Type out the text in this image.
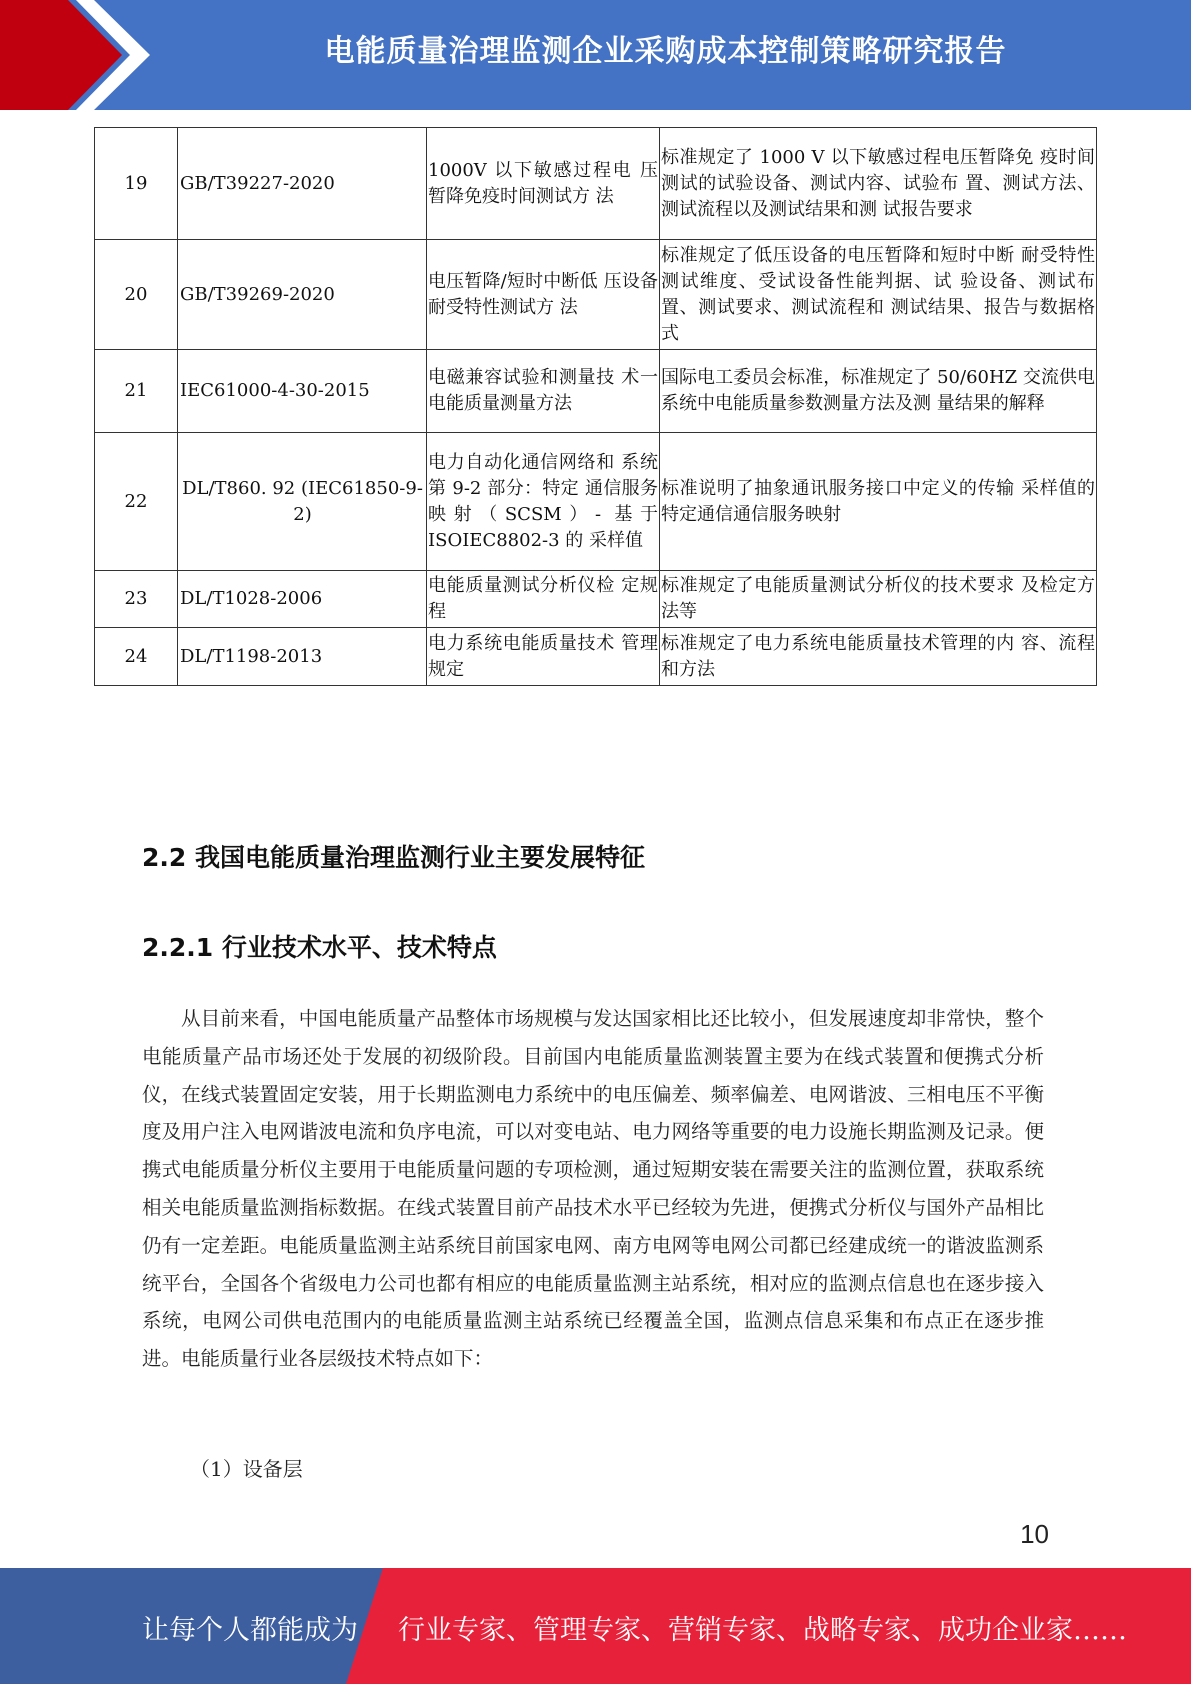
电能质量治理监测企业采购成本控制策略研究报告
19	GB/T39227-2020	1000V 以下敏感过程电 压暂降免疫时间测试方 法	标准规定了 1000 V 以下敏感过程电压暂降免 疫时间测试的试验设备、测试内容、试验布 置、测试方法、测试流程以及测试结果和测 试报告要求
20	GB/T39269-2020	电压暂降/短时中断低 压设备耐受特性测试方 法	标准规定了低压设备的电压暂降和短时中断 耐受特性测试维度、受试设备性能判据、试 验设备、测试布置、测试要求、测试流程和 测试结果、报告与数据格式
21	IEC61000-4-30-2015	电磁兼容试验和测量技 术一电能质量测量方法	国际电工委员会标准，标准规定了 50/60HZ 交流供电系统中电能质量参数测量方法及测 量结果的解释
22	DL/T860. 92 (IEC61850-9-2)	电力自动化通信网络和 系统第 9-2 部分：特定 通信服务映射（SCSM）- 基于 ISOIEC8802-3 的 采样值	标准说明了抽象通讯服务接口中定义的传输 采样值的特定通信通信服务映射
23	DL/T1028-2006	电能质量测试分析仪检 定规程	标准规定了电能质量测试分析仪的技术要求 及检定方法等
24	DL/T1198-2013	电力系统电能质量技术 管理规定	标准规定了电力系统电能质量技术管理的内 容、流程和方法
2.2 我国电能质量治理监测行业主要发展特征
2.2.1 行业技术水平、技术特点

从目前来看，中国电能质量产品整体市场规模与发达国家相比还比较小，但发展速度却非常快，整个电能质量产品市场还处于发展的初级阶段。目前国内电能质量监测装置主要为在线式装置和便携式分析仪，在线式装置固定安装，用于长期监测电力系统中的电压偏差、频率偏差、电网谐波、三相电压不平衡度及用户注入电网谐波电流和负序电流，可以对变电站、电力网络等重要的电力设施长期监测及记录。便携式电能质量分析仪主要用于电能质量问题的专项检测，通过短期安装在需要关注的监测位置，获取系统相关电能质量监测指标数据。在线式装置目前产品技术水平已经较为先进，便携式分析仪与国外产品相比仍有一定差距。电能质量监测主站系统目前国家电网、南方电网等电网公司都已经建成统一的谐波监测系统平台，全国各个省级电力公司也都有相应的电能质量监测主站系统，相对应的监测点信息也在逐步接入系统，电网公司供电范围内的电能质量监测主站系统已经覆盖全国，监测点信息采集和布点正在逐步推进。电能质量行业各层级技术特点如下：

（1）设备层
10
让每个人都能成为 行业专家、管理专家、营销专家、战略专家、成功企业家……
